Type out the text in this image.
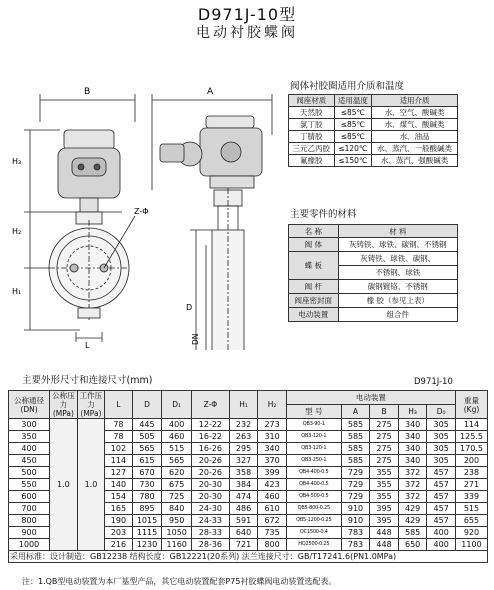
D971J-10型
电动衬胶蝶阀
B	A
H₃
H₂
H₁
Z-Φ
D
DN
L
阀体衬胶圈适用介质和温度
阀座材质	适用温度	适用介质
天然胶	≤85℃	水、空气、酸碱类
氯丁胶	≤85℃	水、煤气、酸碱类
丁腈胶	≤85℃	水、油品
三元乙丙胶	≤120℃	水、蒸汽、一般酸碱类
氟橡胶	≤150℃	水、蒸汽、强酸碱类
主要零件的材料
名 称	材 料
阀 体	灰铸铁、球铁、碳钢、不锈钢
蝶 板	灰铸铁、球铁、碳钢、
	不锈钢、球铁
阀 杆	碳钢镀铬、不锈钢
阀座密封面	橡 胶（参见上表）
电动装置	组合件
主要外形尺寸和连接尺寸(mm)	D971J-10
公称通径(DN)	公称压力(MPa)	工作压力(MPa)	L	D	D₁	Z-Φ	H₁	H₂	电动装置					重量(Kg)
									型 号	A	B	H₃	D₀	
300	1.0	1.0	78	445	400	12-22	232	273	QB3-90-1	585	275	340	305	114
350			78	505	460	16-22	263	310	QB3-120-1	585	275	340	305	125.5
400			102	565	515	16-26	295	340	QB3-120-1	585	275	340	305	170.5
450			114	615	565	20-26	327	370	QB3-250-1	585	275	340	305	200
500			127	670	620	20-26	358	399	QB4-400-0.5	729	355	372	457	238
550			140	730	675	20-30	384	423	QB4-400-0.5	729	355	372	457	271
600			154	780	725	20-30	474	460	QB4-500-0.5	729	355	372	457	339
700			165	895	840	24-30	486	610	QB5-800-0.25	910	395	429	457	515
800			190	1015	950	24-33	591	672	QB5-1200-0.25	910	395	429	457	655
900			203	1115	1050	28-33	640	735	QC1500-0.4	783	448	585	400	920
1000			216	1230	1160	28-36	721	800	HQ2500-0.25	783	448	650	400	1100
采用标准：设计制造：GB12238 结构长度：GB12221(20系列) 法兰连接尺寸：GB/T17241.6(PN1.0MPa)														
注：1.QB型电动装置为本厂基型产品，其它电动装置配套P75衬胶蝶阀电动装置选配表。
